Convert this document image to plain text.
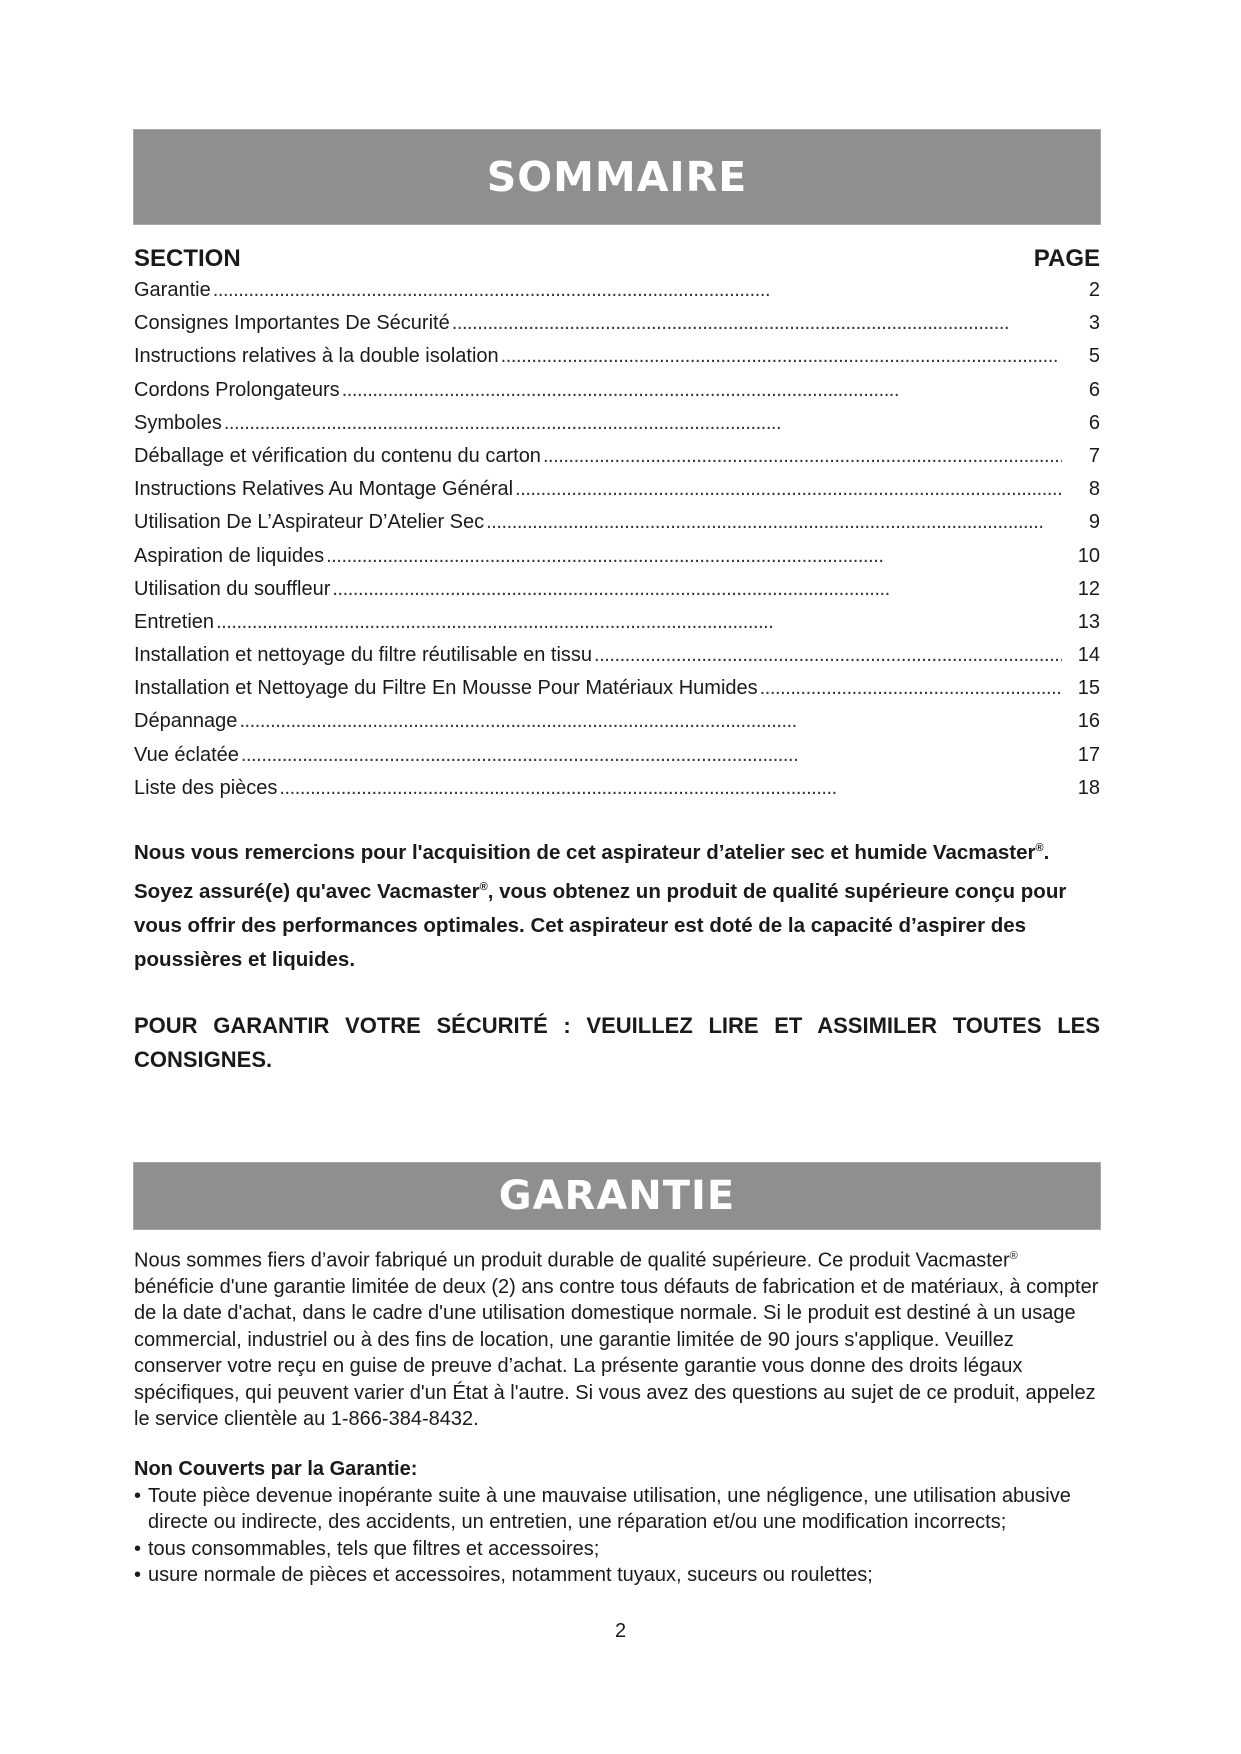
SOMMAIRE
SECTION	PAGE
Garantie . . .	2
Consignes Importantes De Sécurité . . .	3
Instructions relatives à la double isolation . . .	5
Cordons Prolongateurs . . .	6
Symboles . . .	6
Déballage et vérification du contenu du carton . . .	7
Instructions Relatives Au Montage Général . . .	8
Utilisation De L’Aspirateur D’Atelier Sec . . .	9
Aspiration de liquides . . .	10
Utilisation du souffleur . . .	12
Entretien . . .	13
Installation et nettoyage du filtre réutilisable en tissu . . .	14
Installation et Nettoyage du Filtre En Mousse Pour Matériaux Humides . . .	15
Dépannage . . .	16
Vue éclatée . . .	17
Liste des pièces . . .	18

Nous vous remercions pour l'acquisition de cet aspirateur d’atelier sec et humide Vacmaster®. Soyez assuré(e) qu'avec Vacmaster®, vous obtenez un produit de qualité supérieure conçu pour vous offrir des performances optimales. Cet aspirateur est doté de la capacité d’aspirer des poussières et liquides.

POUR GARANTIR VOTRE SÉCURITÉ : VEUILLEZ LIRE ET ASSIMILER TOUTES LES CONSIGNES.

GARANTIE

Nous sommes fiers d’avoir fabriqué un produit durable de qualité supérieure. Ce produit Vacmaster® bénéficie d'une garantie limitée de deux (2) ans contre tous défauts de fabrication et de matériaux, à compter de la date d'achat, dans le cadre d'une utilisation domestique normale. Si le produit est destiné à un usage commercial, industriel ou à des fins de location, une garantie limitée de 90 jours s'applique. Veuillez conserver votre reçu en guise de preuve d’achat. La présente garantie vous donne des droits légaux spécifiques, qui peuvent varier d'un État à l'autre. Si vous avez des questions au sujet de ce produit, appelez le service clientèle au 1-866-384-8432.

Non Couverts par la Garantie:
• Toute pièce devenue inopérante suite à une mauvaise utilisation, une négligence, une utilisation abusive directe ou indirecte, des accidents, un entretien, une réparation et/ou une modification incorrects;
• tous consommables, tels que filtres et accessoires;
• usure normale de pièces et accessoires, notamment tuyaux, suceurs ou roulettes;
2
